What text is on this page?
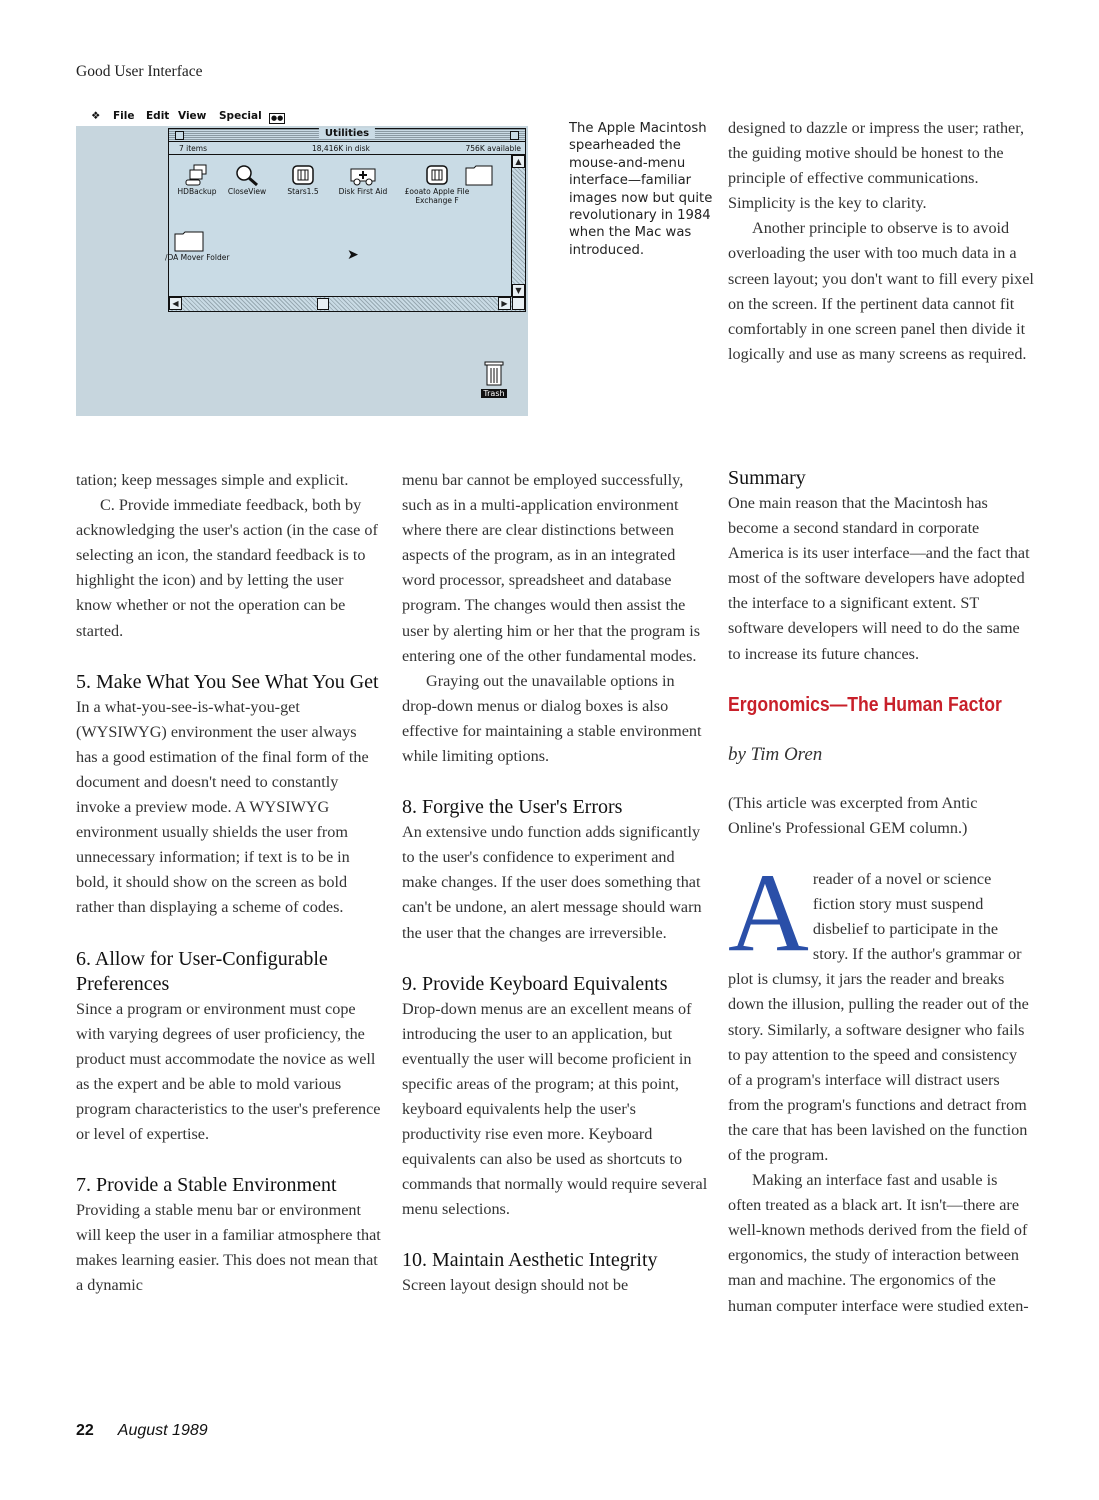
Good User Interface
❖ File Edit View Special ●●
Utilities
7 items	18,416K in disk	756K available
HDBackup	CloseView	Stars1.5	Disk First Aid	£ooato Apple File Exchange F
/DA Mover Folder	➤
▲
▼
◀	▶
Trash
The Apple Macintosh spearheaded the mouse-and-menu interface—familiar images now but quite revolutionary in 1984 when the Mac was introduced.

designed to dazzle or impress the user; rather, the guiding motive should be honest to the principle of effective communications. Simplicity is the key to clarity.

Another principle to observe is to avoid overloading the user with too much data in a screen layout; you don't want to fill every pixel on the screen. If the pertinent data cannot fit comfortably in one screen panel then divide it logically and use as many screens as required.

tation; keep messages simple and explicit.

C. Provide immediate feedback, both by acknowledging the user's action (in the case of selecting an icon, the standard feedback is to highlight the icon) and by letting the user know whether or not the operation can be started.

5. Make What You See What You Get

In a what-you-see-is-what-you-get (WYSIWYG) environment the user always has a good estimation of the final form of the document and doesn't need to constantly invoke a preview mode. A WYSIWYG environment usually shields the user from unnecessary information; if text is to be in bold, it should show on the screen as bold rather than displaying a scheme of codes.

6. Allow for User-Configurable Preferences

Since a program or environment must cope with varying degrees of user proficiency, the product must accommodate the novice as well as the expert and be able to mold various program characteristics to the user's preference or level of expertise.

7. Provide a Stable Environment

Providing a stable menu bar or environment will keep the user in a familiar atmosphere that makes learning easier. This does not mean that a dynamic

menu bar cannot be employed successfully, such as in a multi-application environment where there are clear distinctions between aspects of the program, as in an integrated word processor, spreadsheet and database program. The changes would then assist the user by alerting him or her that the program is entering one of the other fundamental modes.

Graying out the unavailable options in drop-down menus or dialog boxes is also effective for maintaining a stable environment while limiting options.

8. Forgive the User's Errors

An extensive undo function adds significantly to the user's confidence to experiment and make changes. If the user does something that can't be undone, an alert message should warn the user that the changes are irreversible.

9. Provide Keyboard Equivalents

Drop-down menus are an excellent means of introducing the user to an application, but eventually the user will become proficient in specific areas of the program; at this point, keyboard equivalents help the user's productivity rise even more. Keyboard equivalents can also be used as shortcuts to commands that normally would require several menu selections.

10. Maintain Aesthetic Integrity

Screen layout design should not be

Summary

One main reason that the Macintosh has become a second standard in corporate America is its user interface—and the fact that most of the software developers have adopted the interface to a significant extent. ST software developers will need to do the same to increase its future chances.

Ergonomics—The Human Factor

by Tim Oren

(This article was excerpted from Antic Online's Professional GEM column.)

Areader of a novel or science fiction story must suspend disbelief to participate in the story. If the author's grammar or plot is clumsy, it jars the reader and breaks down the illusion, pulling the reader out of the story. Similarly, a software designer who fails to pay attention to the speed and consistency of a program's interface will distract users from the program's functions and detract from the care that has been lavished on the function of the program.

Making an interface fast and usable is often treated as a black art. It isn't—there are well-known methods derived from the field of ergonomics, the study of interaction between man and machine. The ergonomics of the human computer interface were studied exten-

22 August 1989
